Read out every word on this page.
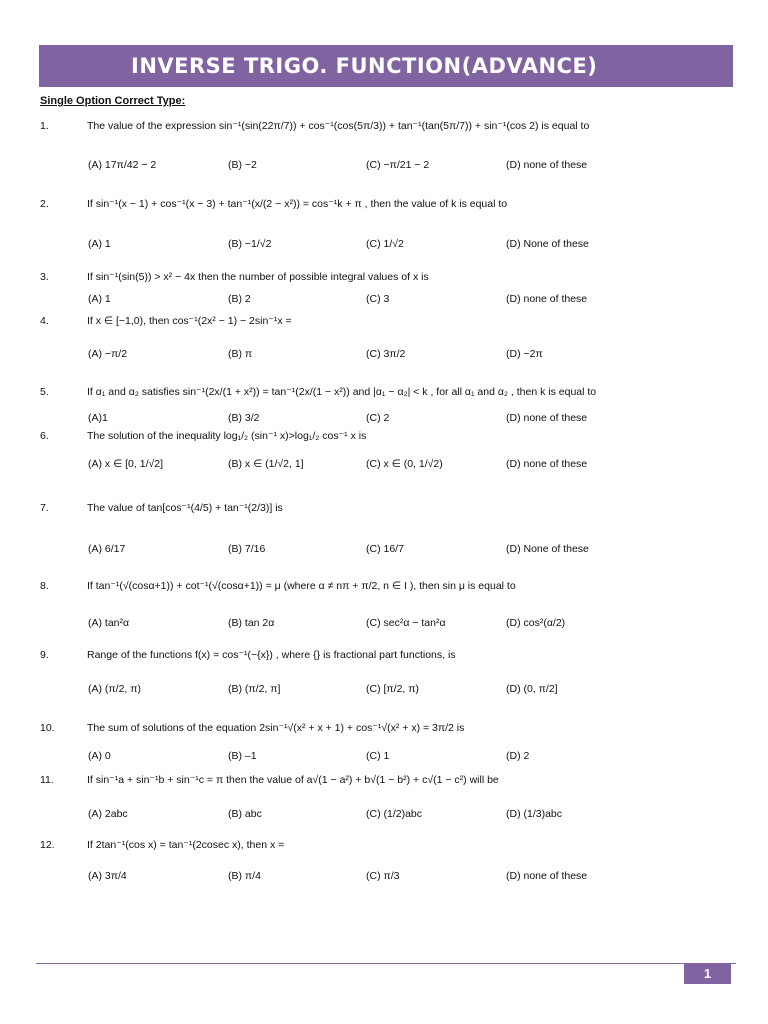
INVERSE TRIGO. FUNCTION(ADVANCE)
Single Option Correct Type:
1.	The value of the expression sin⁻¹(sin(22π/7)) + cos⁻¹(cos(5π/3)) + tan⁻¹(tan(5π/7)) + sin⁻¹(cos 2) is equal to
(A) 17π/42 − 2	(B) −2	(C) −π/21 − 2	(D) none of these
2.	If sin⁻¹(x − 1) + cos⁻¹(x − 3) + tan⁻¹(x/(2 − x²)) = cos⁻¹k + π , then the value of k is equal to
(A) 1	(B) −1/√2	(C) 1/√2	(D) None of these
3.	If sin⁻¹(sin(5)) > x² − 4x then the number of possible integral values of x is
(A) 1	(B) 2	(C) 3	(D) none of these
4.	If x ∈ [−1,0), then cos⁻¹(2x² − 1) − 2sin⁻¹x =
(A) −π/2	(B) π	(C) 3π/2	(D) −2π
5.	If α₁ and α₂ satisfies sin⁻¹(2x/(1 + x²)) = tan⁻¹(2x/(1 − x²)) and |α₁ − α₂| < k , for all α₁ and α₂ , then k is equal to
(A)1	(B) 3/2	(C) 2	(D) none of these
6.	The solution of the inequality log₁/₂ (sin⁻¹ x)>log₁/₂ cos⁻¹ x is
(A) x ∈ [0, 1/√2]	(B) x ∈ (1/√2, 1]	(C) x ∈ (0, 1/√2)	(D) none of these
7.	The value of tan[cos⁻¹(4/5) + tan⁻¹(2/3)] is
(A) 6/17	(B) 7/16	(C) 16/7	(D) None of these
8.	If tan⁻¹(√(cosα+1)) + cot⁻¹(√(cosα+1)) = μ (where α ≠ nπ + π/2, n ∈ I ), then sin μ is equal to
(A) tan²α	(B) tan 2α	(C) sec²α − tan²α	(D) cos²(α/2)
9.	Range of the functions f(x) = cos⁻¹(−{x}) , where {} is fractional part functions, is
(A) (π/2, π)	(B) (π/2, π]	(C) [π/2, π)	(D) (0, π/2]
10.	The sum of solutions of the equation 2sin⁻¹√(x² + x + 1) + cos⁻¹√(x² + x) = 3π/2 is
(A) 0	(B) –1	(C) 1	(D) 2
11.	If sin⁻¹a + sin⁻¹b + sin⁻¹c = π then the value of a√(1 − a²) + b√(1 − b²) + c√(1 − c²) will be
(A) 2abc	(B) abc	(C) (1/2)abc	(D) (1/3)abc
12.	If 2tan⁻¹(cos x) = tan⁻¹(2cosec x), then x =
(A) 3π/4	(B) π/4	(C) π/3	(D) none of these
1
